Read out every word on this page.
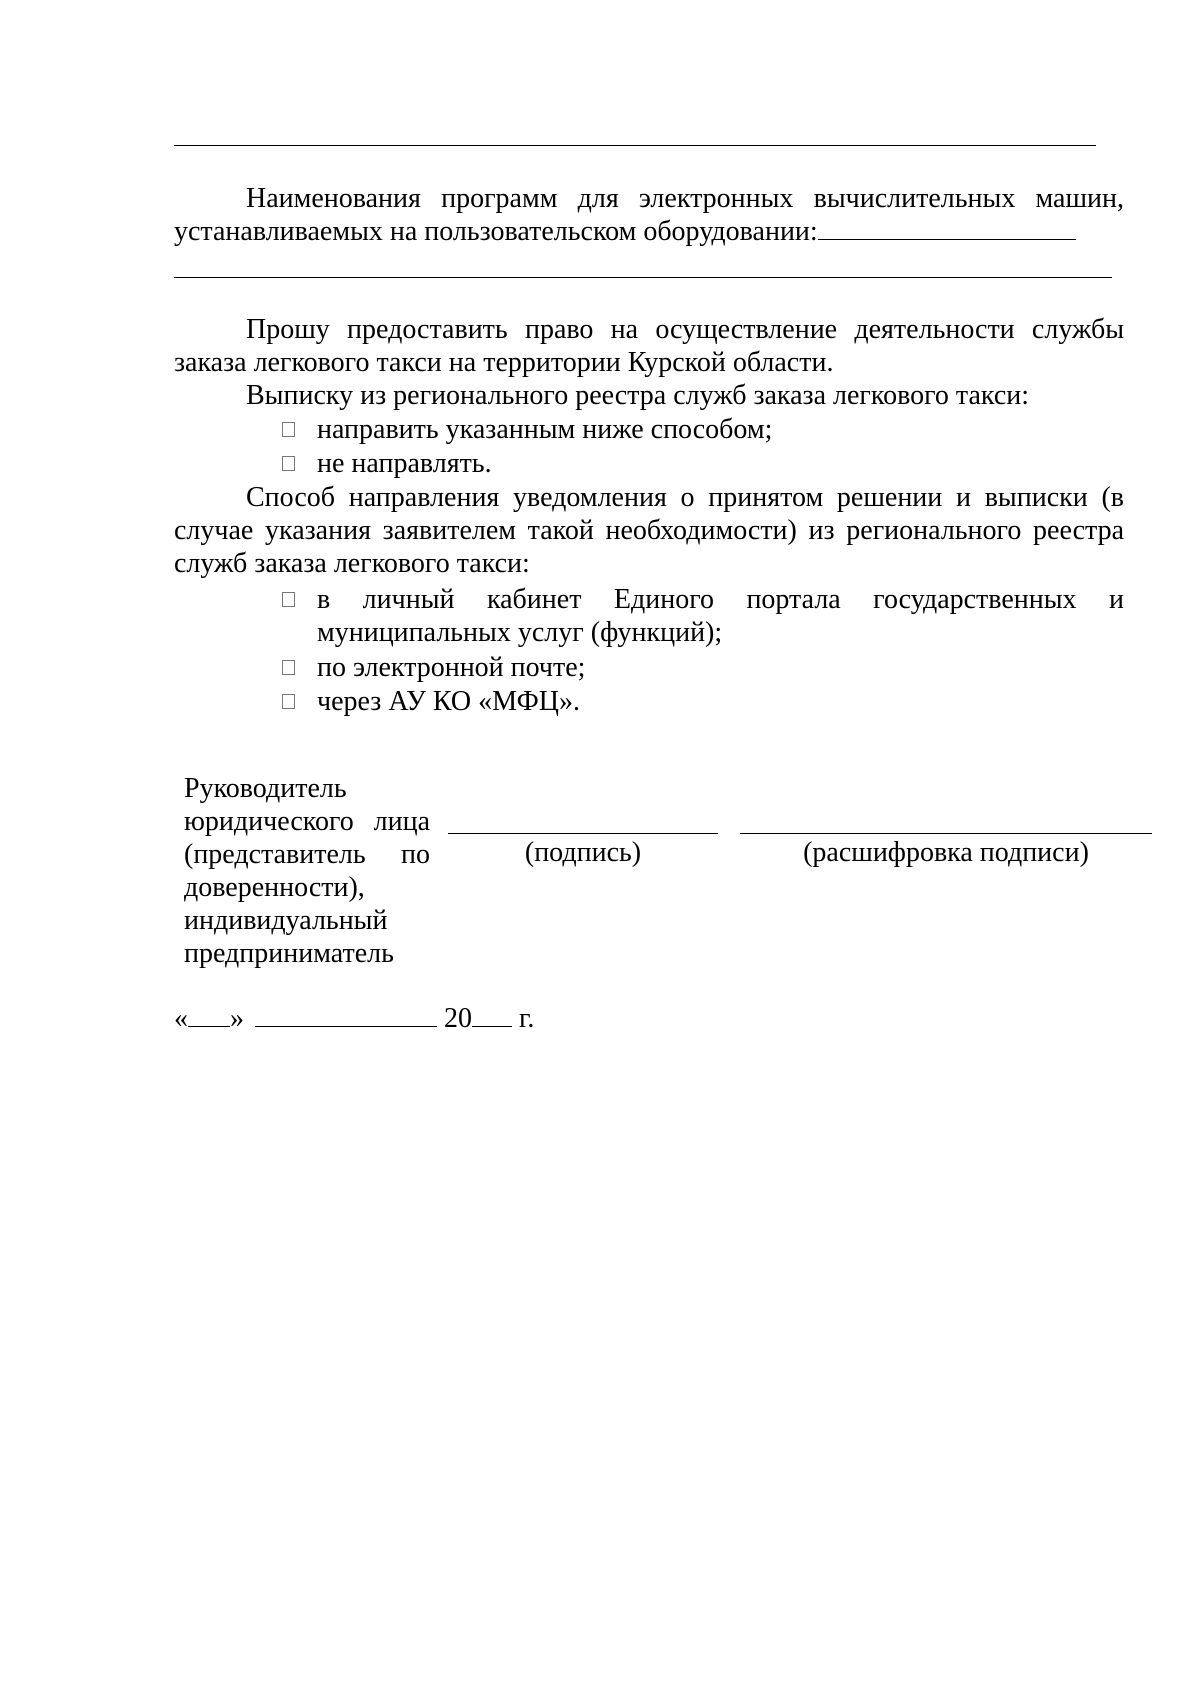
Наименования программ для электронных вычислительных машин, устанавливаемых на пользовательском оборудовании:

Прошу предоставить право на осуществление деятельности службы заказа легкового такси на территории Курской области.

Выписку из регионального реестра служб заказа легкового такси:

направить указанным ниже способом;
не направлять.

Способ направления уведомления о принятом решении и выписки (в случае указания заявителем такой необходимости) из регионального реестра служб заказа легкового такси:

в личный кабинет Единого портала государственных и муниципальных услуг (функций);
по электронной почте;
через АУ КО «МФЦ».
Руководитель юридического лица (представитель по доверенности), индивидуальный предприниматель
(подпись)	(расшифровка подписи)
« »	20 г.
